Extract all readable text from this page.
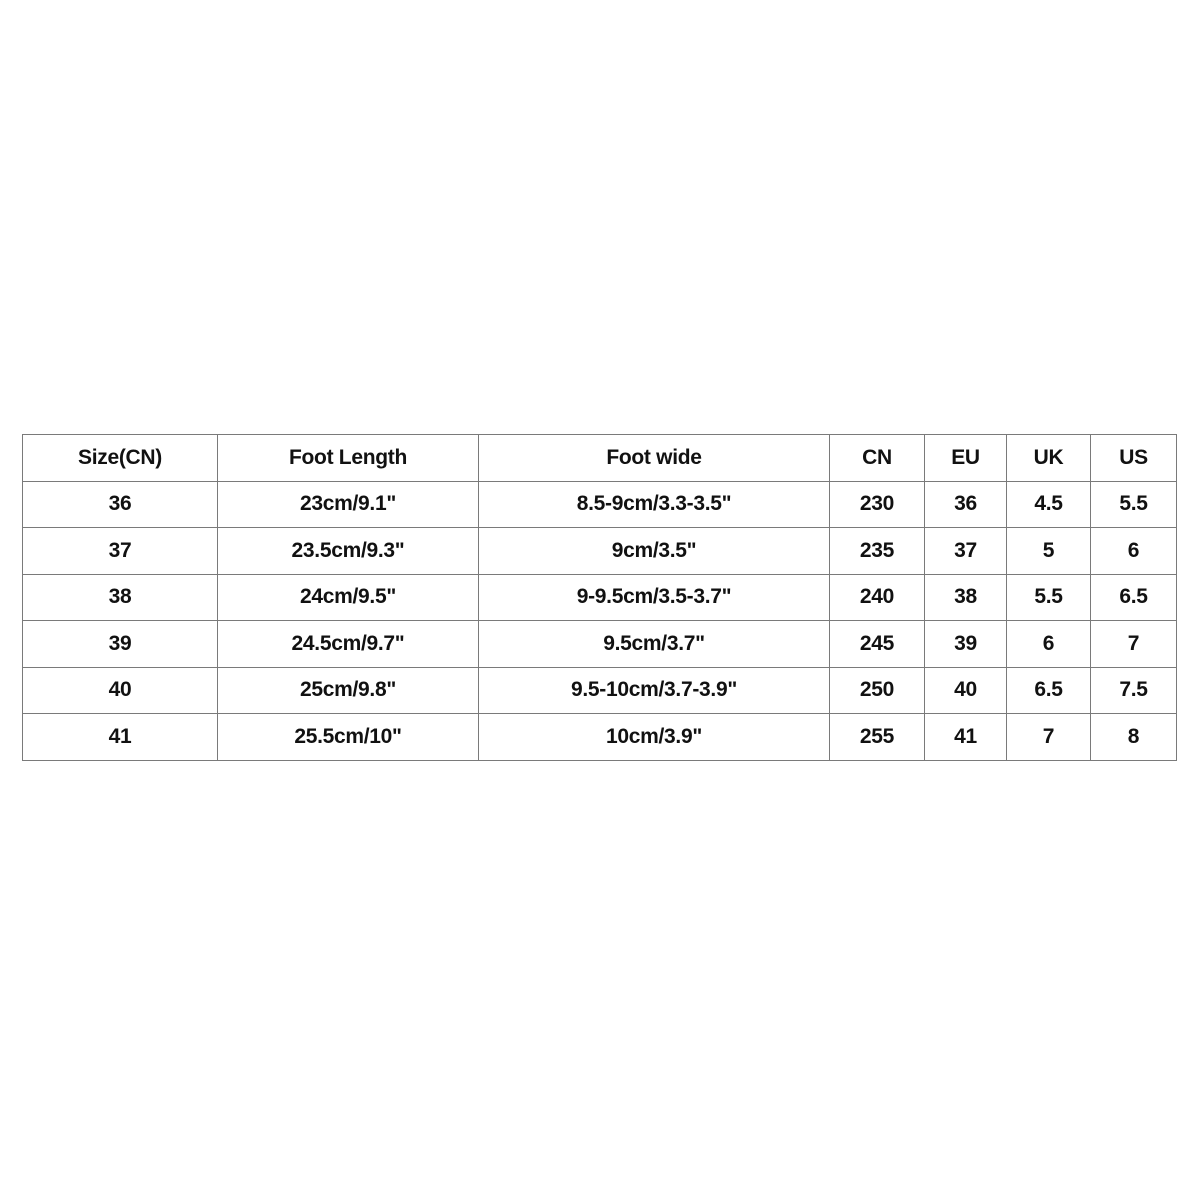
Size(CN)	Foot Length	Foot wide	CN	EU	UK	US
36	23cm/9.1"	8.5-9cm/3.3-3.5"	230	36	4.5	5.5
37	23.5cm/9.3"	9cm/3.5"	235	37	5	6
38	24cm/9.5"	9-9.5cm/3.5-3.7"	240	38	5.5	6.5
39	24.5cm/9.7"	9.5cm/3.7"	245	39	6	7
40	25cm/9.8"	9.5-10cm/3.7-3.9"	250	40	6.5	7.5
41	25.5cm/10"	10cm/3.9"	255	41	7	8
